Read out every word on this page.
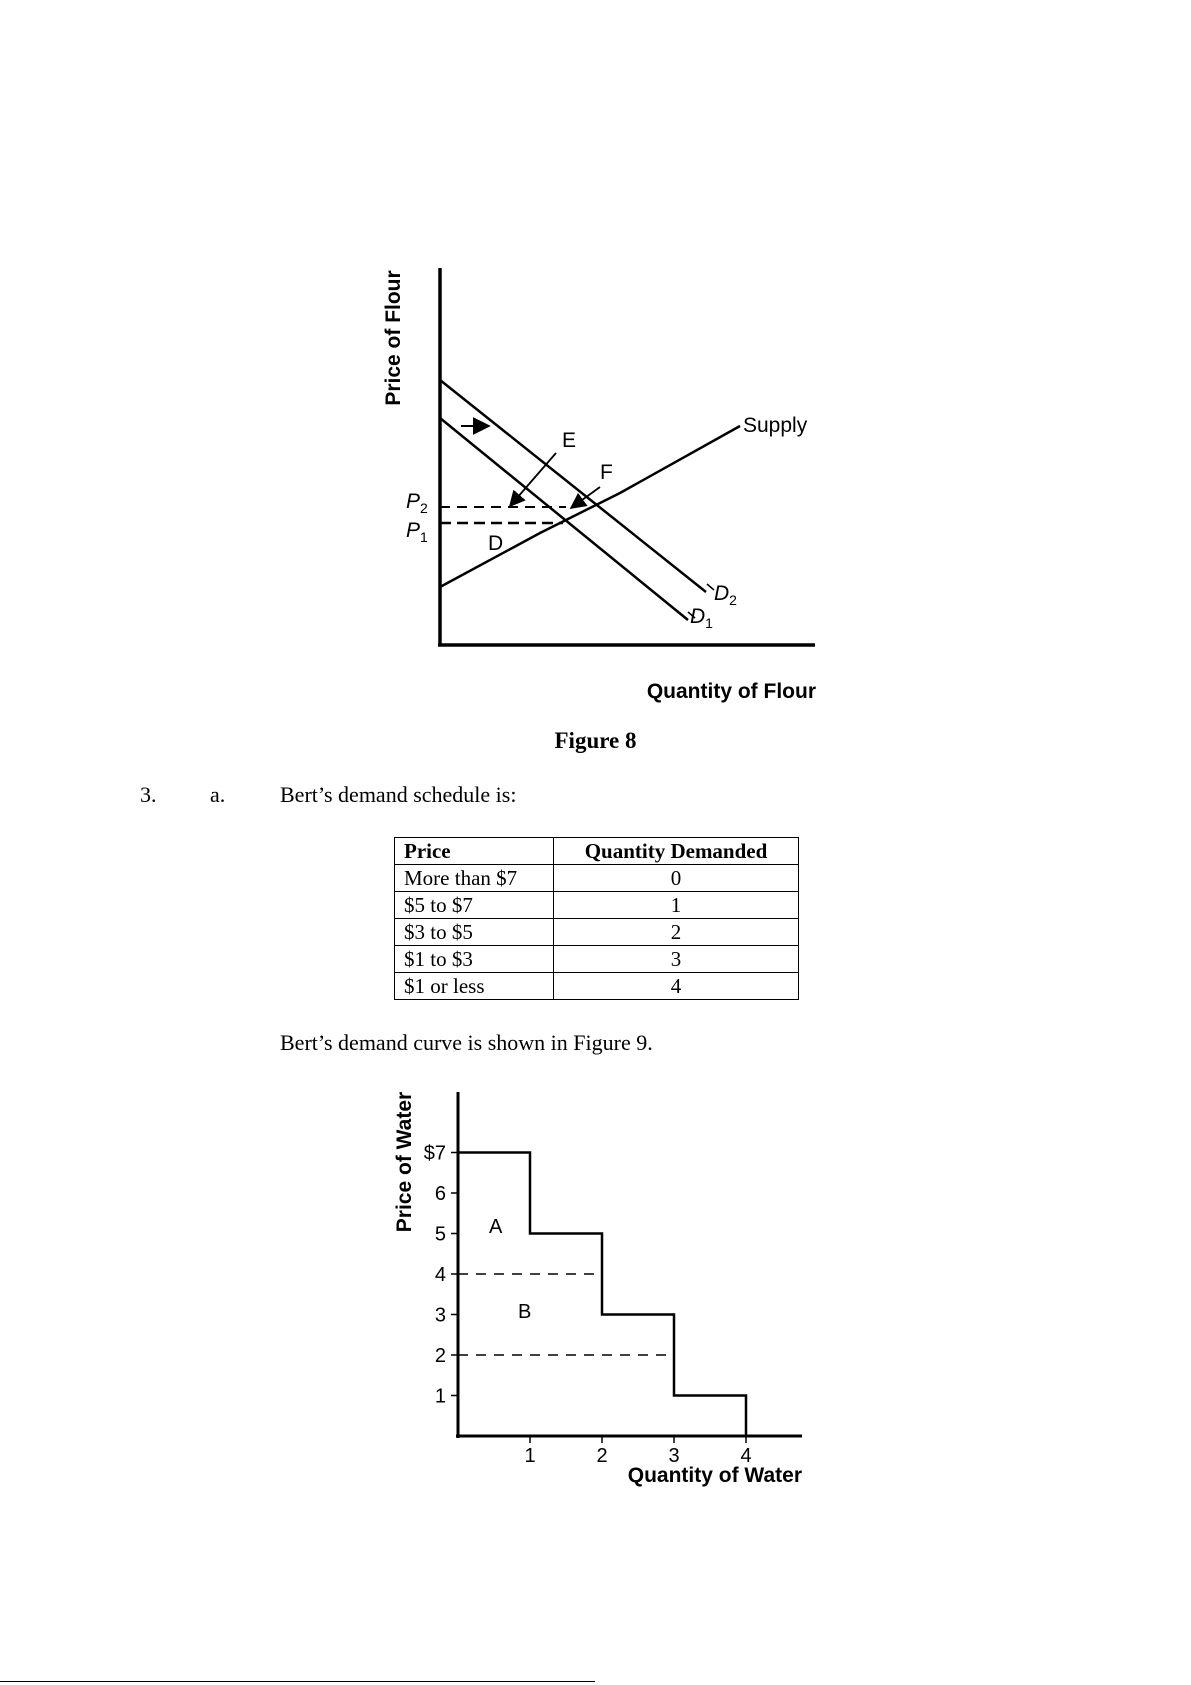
Price of Flour
Quantity of Flour
Supply
$P_2$
$P_1$	D
E
F
$D_2$
$D_1$
Figure 8
3. a. Bert’s demand schedule is:
Price	Quantity Demanded
More than $7	0
$5 to $7	1
$3 to $5	2
$1 to $3	3
$1 or less	4
Bert’s demand curve is shown in Figure 9.
$7
6
5
4
3
2
1
1	2	3	4
Price of Water
Quantity of Water
A
B
